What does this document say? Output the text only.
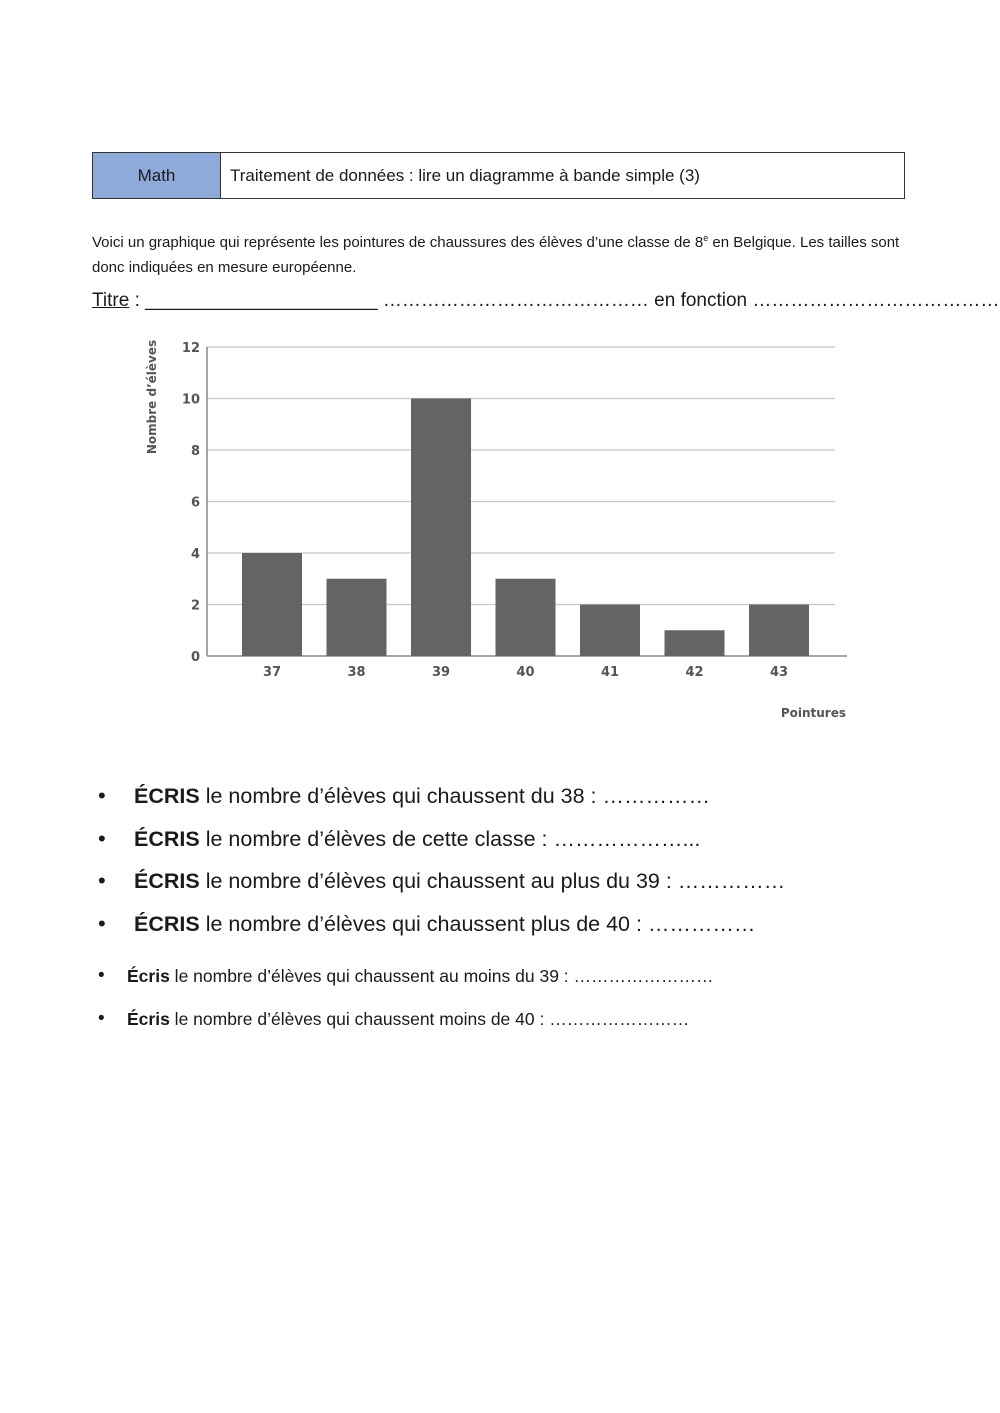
Math	Traitement de données : lire un diagramme à bande simple (3)
Voici un graphique qui représente les pointures de chaussures des élèves d’une classe de 8e en Belgique. Les tailles sont donc indiquées en mesure européenne.
Titre : ______________________ …………………………………… en fonction …………………………………
0
2
4
6
8
10
12
37	38	39	40	41	42	43
Nombre d’élèves
Pointures
• ÉCRIS le nombre d’élèves qui chaussent du 38 : ……………
• ÉCRIS le nombre d’élèves de cette classe : ………………...
• ÉCRIS le nombre d’élèves qui chaussent au plus du 39 : ……………
• ÉCRIS le nombre d’élèves qui chaussent plus de 40 : ……………
• Écris le nombre d’élèves qui chaussent au moins du 39 : ……………………
• Écris le nombre d’élèves qui chaussent moins de 40 : ……………………
